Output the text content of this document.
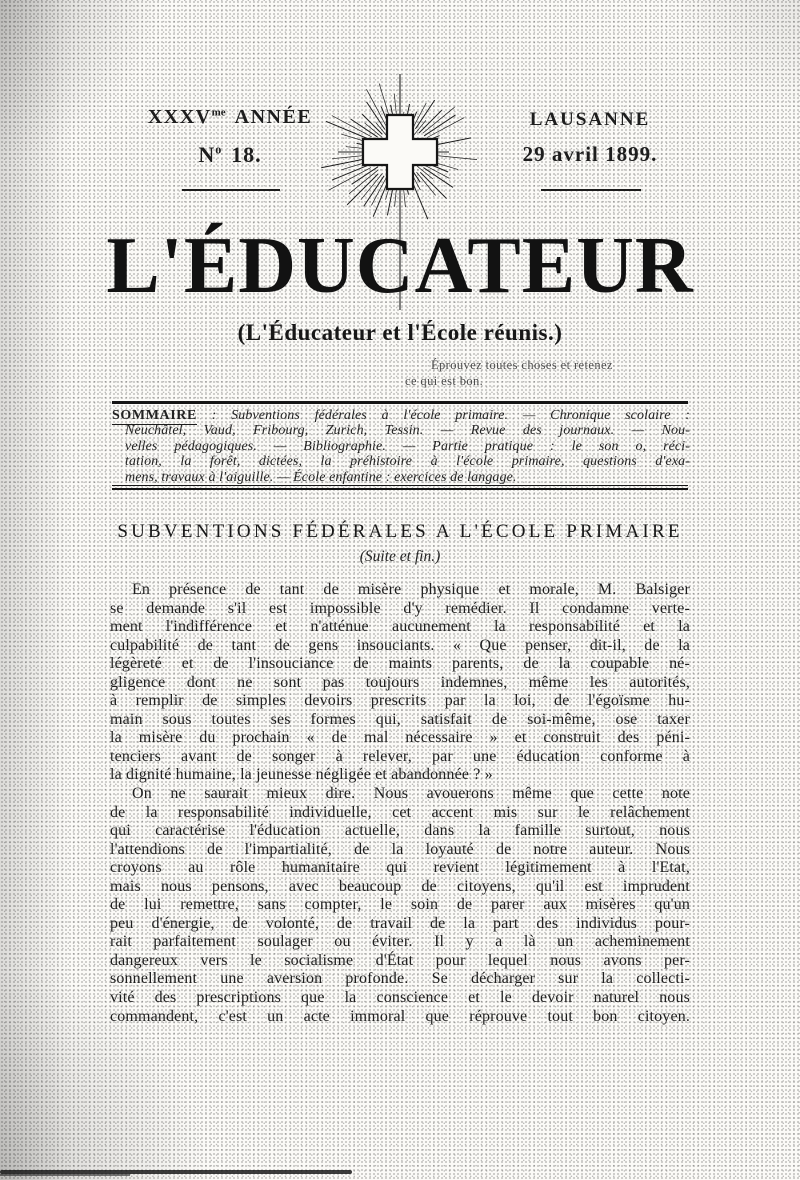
$XXXV^{me}$ ANNÉE
$N^o$ 18.
LAUSANNE
29 avril 1899.
L'ÉDUCATEUR
(L'Éducateur et l'École réunis.)
Éprouvez toutes choses et retenez
ce qui est bon.
SOMMAIRE : Subventions fédérales à l'école primaire. — Chronique scolaire :
Neuchâtel, Vaud, Fribourg, Zurich, Tessin. — Revue des journaux. — Nou-
velles pédagogiques. — Bibliographie. — Partie pratique : le son o, réci-
tation, la forêt, dictées, la préhistoire à l'école primaire, questions d'exa-
mens, travaux à l'aiguille. — École enfantine : exercices de langage.
SUBVENTIONS FÉDÉRALES A L'ÉCOLE PRIMAIRE
(Suite et fin.)
En présence de tant de misère physique et morale, M. Balsiger
se demande s'il est impossible d'y remédier. Il condamne verte-
ment l'indifférence et n'atténue aucunement la responsabilité et la
culpabilité de tant de gens insouciants. « Que penser, dit-il, de la
légèreté et de l'insouciance de maints parents, de la coupable né-
gligence dont ne sont pas toujours indemnes, même les autorités,
à remplir de simples devoirs prescrits par la loi, de l'égoïsme hu-
main sous toutes ses formes qui, satisfait de soi-même, ose taxer
la misère du prochain « de mal nécessaire » et construit des péni-
tenciers avant de songer à relever, par une éducation conforme à
la dignité humaine, la jeunesse négligée et abandonnée ? »
On ne saurait mieux dire. Nous avouerons même que cette note
de la responsabilité individuelle, cet accent mis sur le relâchement
qui caractérise l'éducation actuelle, dans la famille surtout, nous
l'attendions de l'impartialité, de la loyauté de notre auteur. Nous
croyons au rôle humanitaire qui revient légitimement à l'Etat,
mais nous pensons, avec beaucoup de citoyens, qu'il est imprudent
de lui remettre, sans compter, le soin de parer aux misères qu'un
peu d'énergie, de volonté, de travail de la part des individus pour-
rait parfaitement soulager ou éviter. Il y a là un acheminement
dangereux vers le socialisme d'État pour lequel nous avons per-
sonnellement une aversion profonde. Se décharger sur la collecti-
vité des prescriptions que la conscience et le devoir naturel nous
commandent, c'est un acte immoral que réprouve tout bon citoyen.
